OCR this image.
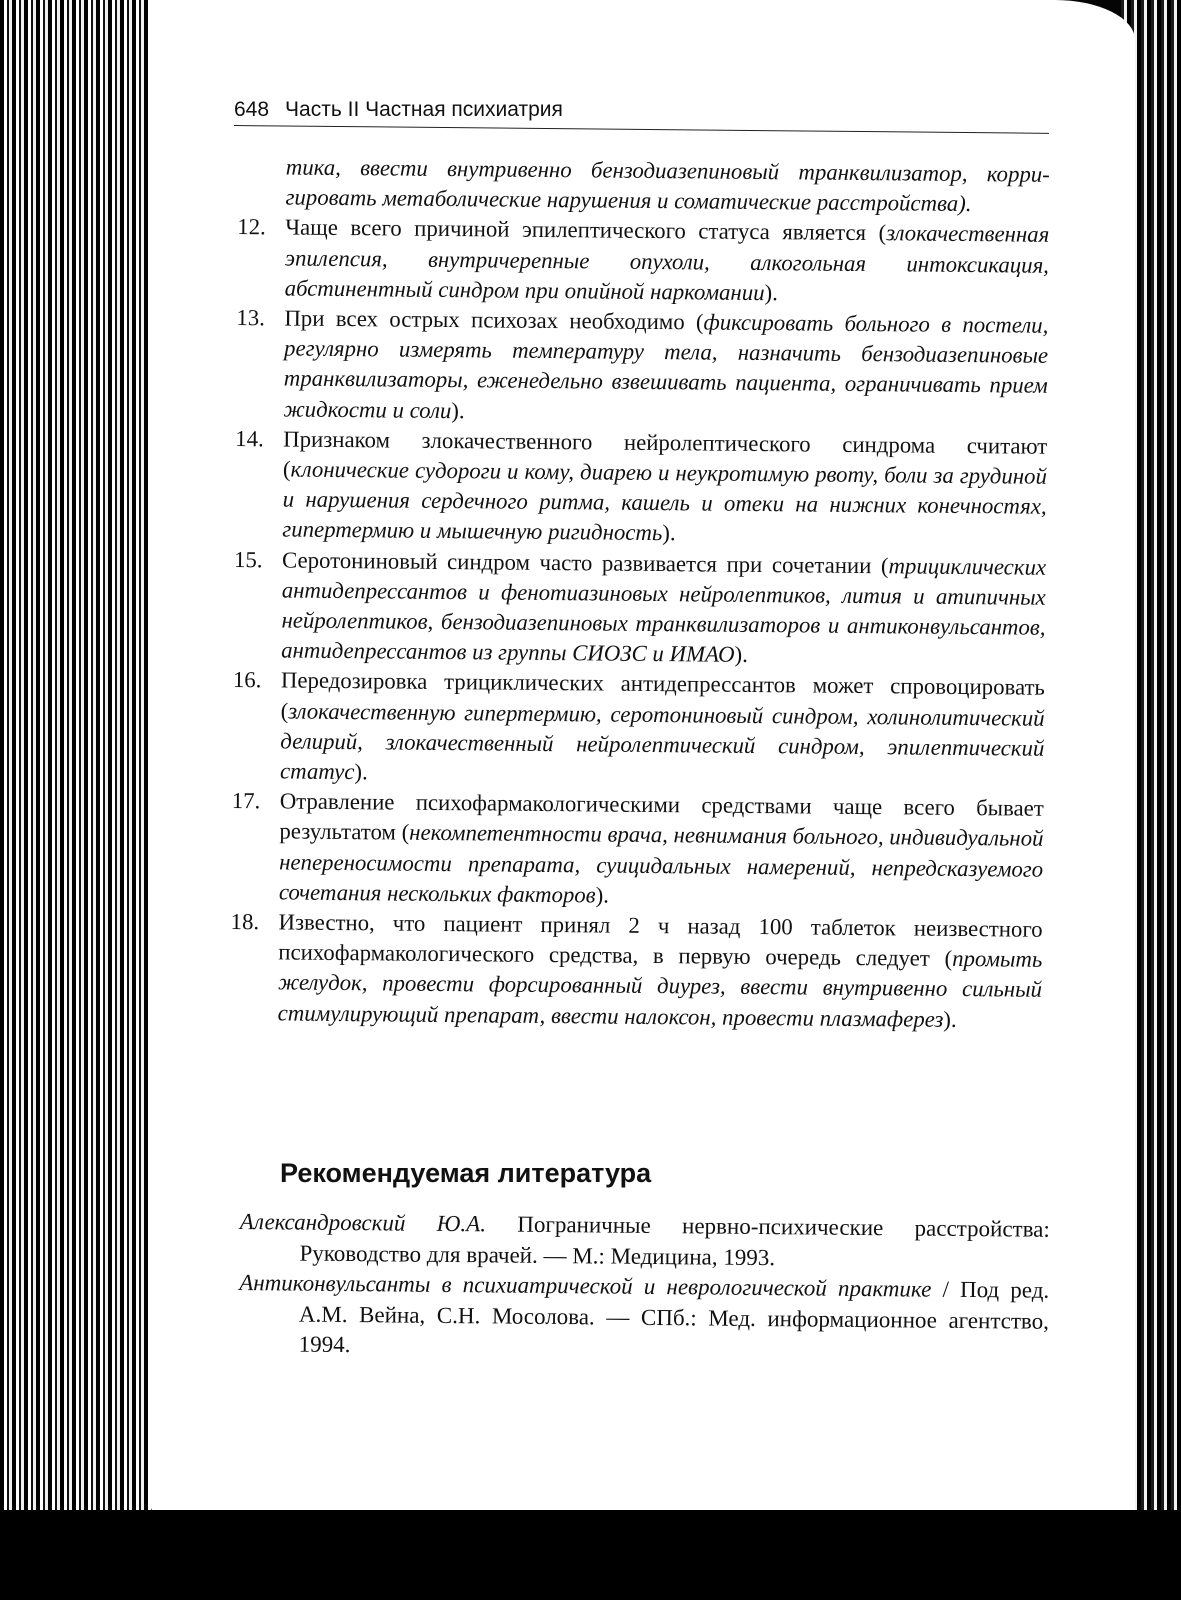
648 Часть II Частная психиатрия
тика, ввести внутривенно бензодиазепиновый транквилизатор, корри- гировать метаболические нарушения и соматические расстройства).
12. Чаще всего причиной эпилептического статуса является (злокачественная эпилепсия, внутричерепные опухоли, алкогольная интоксикация, абстинентный синдром при опийной наркомании).
13. При всех острых психозах необходимо (фиксировать больного в постели, регулярно измерять температуру тела, назначить бензодиазепиновые транквилизаторы, еженедельно взвешивать пациента, ограничивать прием жидкости и соли).
14. Признаком злокачественного нейролептического синдрома считают (клонические судороги и кому, диарею и неукротимую рвоту, боли за грудиной и нарушения сердечного ритма, кашель и отеки на нижних конечностях, гипертермию и мышечную ригидность).
15. Серотониновый синдром часто развивается при сочетании (трициклических антидепрессантов и фенотиазиновых нейролептиков, лития и атипичных нейролептиков, бензодиазепиновых транквилизаторов и антиконвульсантов, антидепрессантов из группы СИОЗС и ИМАО).
16. Передозировка трициклических антидепрессантов может спровоцировать (злокачественную гипертермию, серотониновый синдром, холинолитический делирий, злокачественный нейролептический синдром, эпилептический статус).
17. Отравление психофармакологическими средствами чаще всего бывает результатом (некомпетентности врача, невнимания больного, индивидуальной непереносимости препарата, суицидальных намерений, непредсказуемого сочетания нескольких факторов).
18. Известно, что пациент принял 2 ч назад 100 таблеток неизвестного психофармакологического средства, в первую очередь следует (промыть желудок, провести форсированный диурез, ввести внутривенно сильный стимулирующий препарат, ввести налоксон, провести плазмаферез).
Рекомендуемая литература
Александровский Ю.А. Пограничные нервно-психические расстройства: Руководство для врачей. — М.: Медицина, 1993.
Антиконвульсанты в психиатрической и неврологической практике / Под ред. А.М. Вейна, С.Н. Мосолова. — СПб.: Мед. информационное агентство, 1994.
